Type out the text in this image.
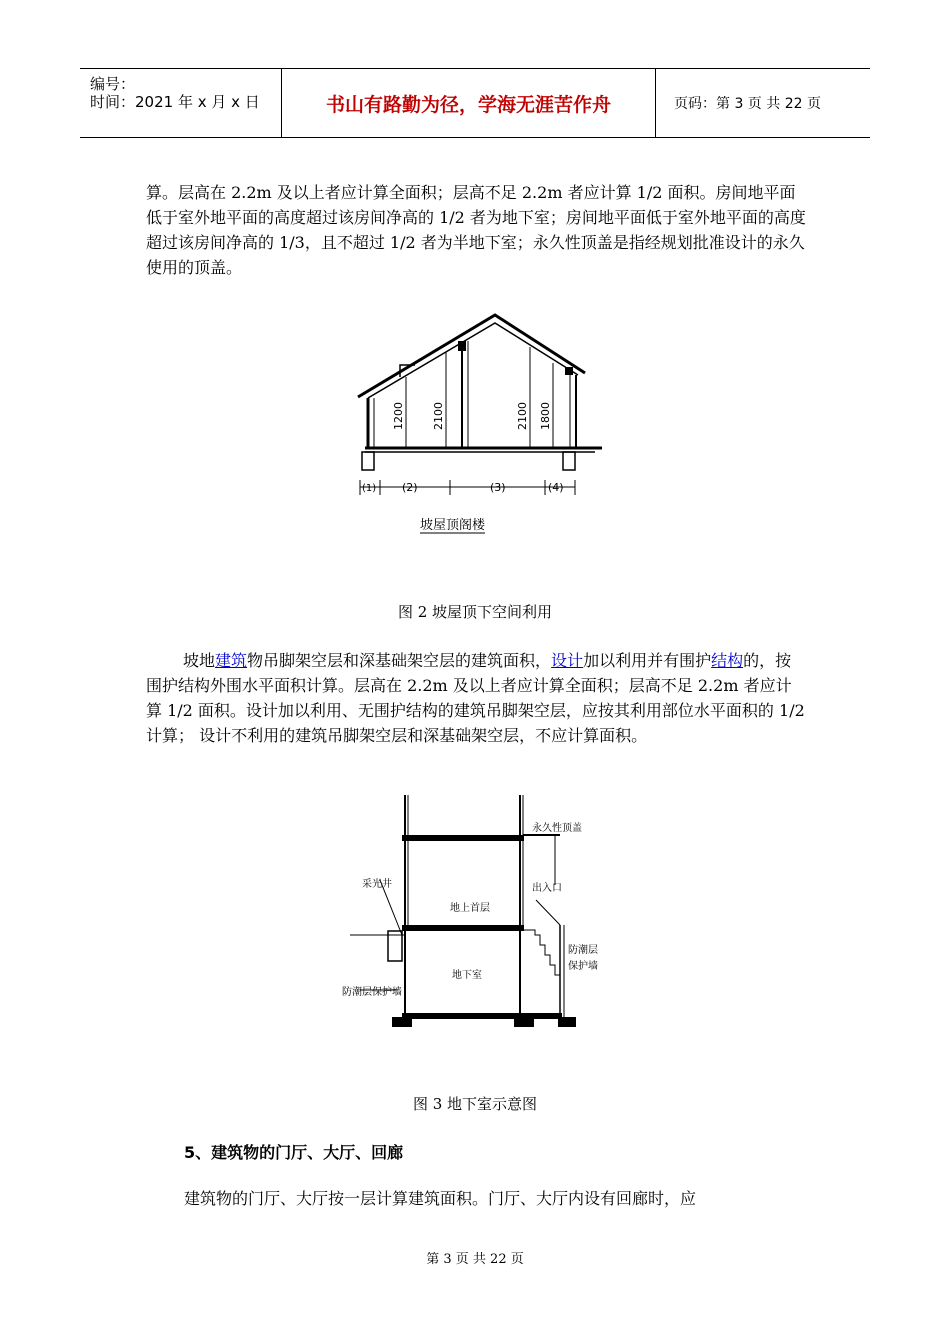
编号：
时间：2021 年 x 月 x 日	书山有路勤为径，学海无涯苦作舟	页码：第 3 页 共 22 页

算。层高在 2.2m 及以上者应计算全面积；层高不足 2.2m 者应计算 1/2 面积。房间地平面低于室外地平面的高度超过该房间净高的 1/2 者为地下室；房间地平面低于室外地平面的高度超过该房间净高的 1/3，且不超过 1/2 者为半地下室；永久性顶盖是指经规划批准设计的永久使用的顶盖。

1200 2100	2100 1800
(1) (2)	(3)	(4)
坡屋顶阁楼
图 2 坡屋顶下空间利用

坡地建筑物吊脚架空层和深基础架空层的建筑面积，设计加以利用并有围护结构的，按围护结构外围水平面积计算。层高在 2.2m 及以上者应计算全面积；层高不足 2.2m 者应计算 1/2 面积。设计加以利用、无围护结构的建筑吊脚架空层，应按其利用部位水平面积的 1/2 计算； 设计不利用的建筑吊脚架空层和深基础架空层，不应计算面积。

永久性顶盖
采光井	出入口
地上首层
防潮层
保护墙
地下室
防潮层保护墙
图 3 地下室示意图
5、建筑物的门厅、大厅、回廊

建筑物的门厅、大厅按一层计算建筑面积。门厅、大厅内设有回廊时，应

第 3 页 共 22 页
